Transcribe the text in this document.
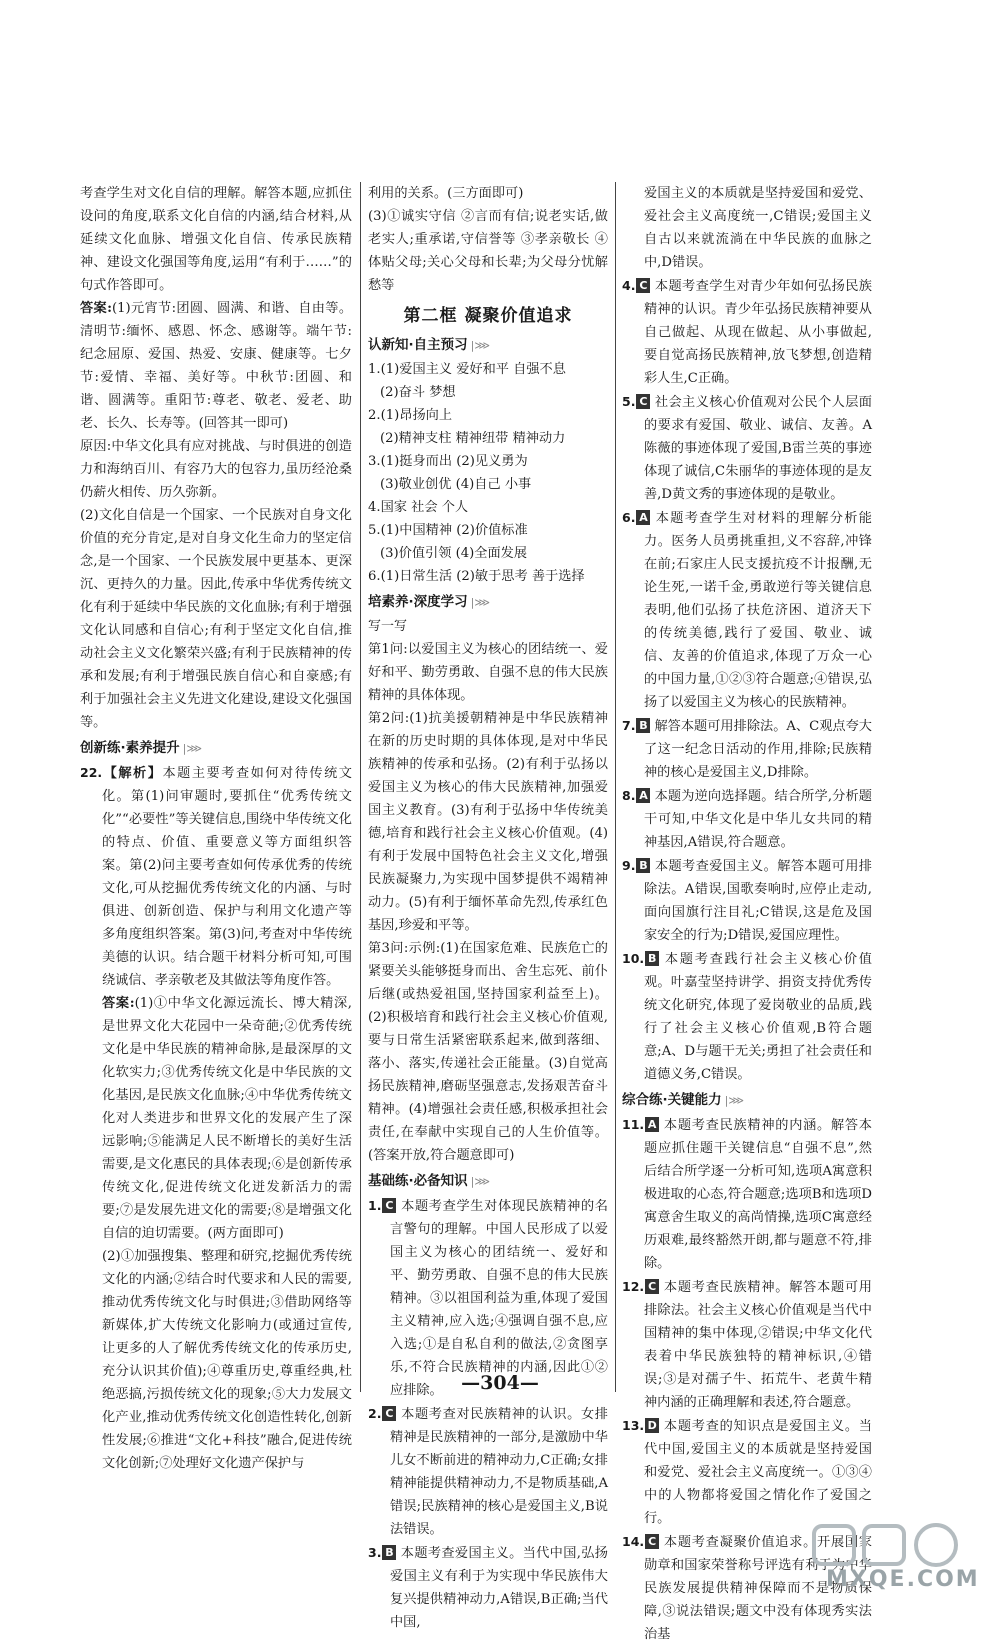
考查学生对文化自信的理解。解答本题,应抓住设问的角度,联系文化自信的内涵,结合材料,从延续文化血脉、增强文化自信、传承民族精神、建设文化强国等角度,运用“有利于……”的句式作答即可。

答案:(1)元宵节:团圆、圆满、和谐、自由等。清明节:缅怀、感恩、怀念、感谢等。端午节:纪念屈原、爱国、热爱、安康、健康等。七夕节:爱情、幸福、美好等。中秋节:团圆、和谐、圆满等。重阳节:尊老、敬老、爱老、助老、长久、长寿等。(回答其一即可)

原因:中华文化具有应对挑战、与时俱进的创造力和海纳百川、有容乃大的包容力,虽历经沧桑仍薪火相传、历久弥新。

(2)文化自信是一个国家、一个民族对自身文化价值的充分肯定,是对自身文化生命力的坚定信念,是一个国家、一个民族发展中更基本、更深沉、更持久的力量。因此,传承中华优秀传统文化有利于延续中华民族的文化血脉;有利于增强文化认同感和自信心;有利于坚定文化自信,推动社会主义文化繁荣兴盛;有利于民族精神的传承和发展;有利于增强民族自信心和自豪感;有利于加强社会主义先进文化建设,建设文化强国等。

创新练·素养提升 |⋙

22.【解析】本题主要考查如何对待传统文化。第(1)问审题时,要抓住“优秀传统文化”“必要性”等关键信息,围绕中华传统文化的特点、价值、重要意义等方面组织答案。第(2)问主要考查如何传承优秀的传统文化,可从挖掘优秀传统文化的内涵、与时俱进、创新创造、保护与利用文化遗产等多角度组织答案。第(3)问,考查对中华传统美德的认识。结合题干材料分析可知,可围绕诚信、孝亲敬老及其做法等角度作答。

答案:(1)①中华文化源远流长、博大精深,是世界文化大花园中一朵奇葩;②优秀传统文化是中华民族的精神命脉,是最深厚的文化软实力;③优秀传统文化是中华民族的文化基因,是民族文化血脉;④中华优秀传统文化对人类进步和世界文化的发展产生了深远影响;⑤能满足人民不断增长的美好生活需要,是文化惠民的具体表现;⑥是创新传承传统文化,促进传统文化迸发新活力的需要;⑦是发展先进文化的需要;⑧是增强文化自信的迫切需要。(两方面即可)

(2)①加强搜集、整理和研究,挖掘优秀传统文化的内涵;②结合时代要求和人民的需要,推动优秀传统文化与时俱进;③借助网络等新媒体,扩大传统文化影响力(或通过宣传,让更多的人了解优秀传统文化的传承历史,充分认识其价值);④尊重历史,尊重经典,杜绝恶搞,污损传统文化的现象;⑤大力发展文化产业,推动优秀传统文化创造性转化,创新性发展;⑥推进“文化+科技”融合,促进传统文化创新;⑦处理好文化遗产保护与

利用的关系。(三方面即可)

(3)①诚实守信 ②言而有信;说老实话,做老实人;重承诺,守信誉等 ③孝亲敬长 ④体贴父母;关心父母和长辈;为父母分忧解愁等

第二框 凝聚价值追求
认新知·自主预习 |⋙

1.(1)爱国主义 爱好和平 自强不息

(2)奋斗 梦想

2.(1)昂扬向上

(2)精神支柱 精神纽带 精神动力

3.(1)挺身而出 (2)见义勇为

(3)敬业创优 (4)自己 小事

4.国家 社会 个人

5.(1)中国精神 (2)价值标准

(3)价值引领 (4)全面发展

6.(1)日常生活 (2)敏于思考 善于选择

培素养·深度学习 |⋙

写一写

第1问:以爱国主义为核心的团结统一、爱好和平、勤劳勇敢、自强不息的伟大民族精神的具体体现。

第2问:(1)抗美援朝精神是中华民族精神在新的历史时期的具体体现,是对中华民族精神的传承和弘扬。(2)有利于弘扬以爱国主义为核心的伟大民族精神,加强爱国主义教育。(3)有利于弘扬中华传统美德,培育和践行社会主义核心价值观。(4)有利于发展中国特色社会主义文化,增强民族凝聚力,为实现中国梦提供不竭精神动力。(5)有利于缅怀革命先烈,传承红色基因,珍爱和平等。

第3问:示例:(1)在国家危难、民族危亡的紧要关头能够挺身而出、舍生忘死、前仆后继(或热爱祖国,坚持国家利益至上)。(2)积极培育和践行社会主义核心价值观,要与日常生活紧密联系起来,做到落细、落小、落实,传递社会正能量。(3)自觉高扬民族精神,磨砺坚强意志,发扬艰苦奋斗精神。(4)增强社会责任感,积极承担社会责任,在奉献中实现自己的人生价值等。(答案开放,符合题意即可)

基础练·必备知识 |⋙

1. C 本题考查学生对体现民族精神的名言警句的理解。中国人民形成了以爱国主义为核心的团结统一、爱好和平、勤劳勇敢、自强不息的伟大民族精神。③以祖国利益为重,体现了爱国主义精神,应入选;④强调自强不息,应入选;①是自私自利的做法,②贪图享乐,不符合民族精神的内涵,因此①②应排除。

2. C 本题考查对民族精神的认识。女排精神是民族精神的一部分,是激励中华儿女不断前进的精神动力,C正确;女排精神能提供精神动力,不是物质基础,A错误;民族精神的核心是爱国主义,B说法错误。

3. B 本题考查爱国主义。当代中国,弘扬爱国主义有利于为实现中华民族伟大复兴提供精神动力,A错误,B正确;当代中国,

爱国主义的本质就是坚持爱国和爱党、爱社会主义高度统一,C错误;爱国主义自古以来就流淌在中华民族的血脉之中,D错误。

4. C 本题考查学生对青少年如何弘扬民族精神的认识。青少年弘扬民族精神要从自己做起、从现在做起、从小事做起,要自觉高扬民族精神,放飞梦想,创造精彩人生,C正确。

5. C 社会主义核心价值观对公民个人层面的要求有爱国、敬业、诚信、友善。A陈薇的事迹体现了爱国,B雷兰英的事迹体现了诚信,C朱丽华的事迹体现的是友善,D黄文秀的事迹体现的是敬业。

6. A 本题考查学生对材料的理解分析能力。医务人员勇挑重担,义不容辞,冲锋在前;石家庄人民支援抗疫不计报酬,无论生死,一诺千金,勇敢逆行等关键信息表明,他们弘扬了扶危济困、道济天下的传统美德,践行了爱国、敬业、诚信、友善的价值追求,体现了万众一心的中国力量,①②③符合题意;④错误,弘扬了以爱国主义为核心的民族精神。

7. B 解答本题可用排除法。A、C观点夸大了这一纪念日活动的作用,排除;民族精神的核心是爱国主义,D排除。

8. A 本题为逆向选择题。结合所学,分析题干可知,中华文化是中华儿女共同的精神基因,A错误,符合题意。

9. B 本题考查爱国主义。解答本题可用排除法。A错误,国歌奏响时,应停止走动,面向国旗行注目礼;C错误,这是危及国家安全的行为;D错误,爱国应理性。

10. B 本题考查践行社会主义核心价值观。叶嘉莹坚持讲学、捐资支持优秀传统文化研究,体现了爱岗敬业的品质,践行了社会主义核心价值观,B符合题意;A、D与题干无关;勇担了社会责任和道德义务,C错误。

综合练·关键能力 |⋙

11. A 本题考查民族精神的内涵。解答本题应抓住题干关键信息“自强不息”,然后结合所学逐一分析可知,选项A寓意积极进取的心态,符合题意;选项B和选项D寓意舍生取义的高尚情操,选项C寓意经历艰难,最终豁然开朗,都与题意不符,排除。

12. C 本题考查民族精神。解答本题可用排除法。社会主义核心价值观是当代中国精神的集中体现,②错误;中华文化代表着中华民族独特的精神标识,④错误;③是对孺子牛、拓荒牛、老黄牛精神内涵的正确理解和表述,符合题意。

13. D 本题考查的知识点是爱国主义。当代中国,爱国主义的本质就是坚持爱国和爱党、爱社会主义高度统一。①③④中的人物都将爱国之情化作了爱国之行。

14. C 本题考查凝聚价值追求。开展国家勋章和国家荣誉称号评选有利于为中华民族发展提供精神保障而不是物质保障,③说法错误;题文中没有体现秀实法治基

—304—
MXQE.COM
